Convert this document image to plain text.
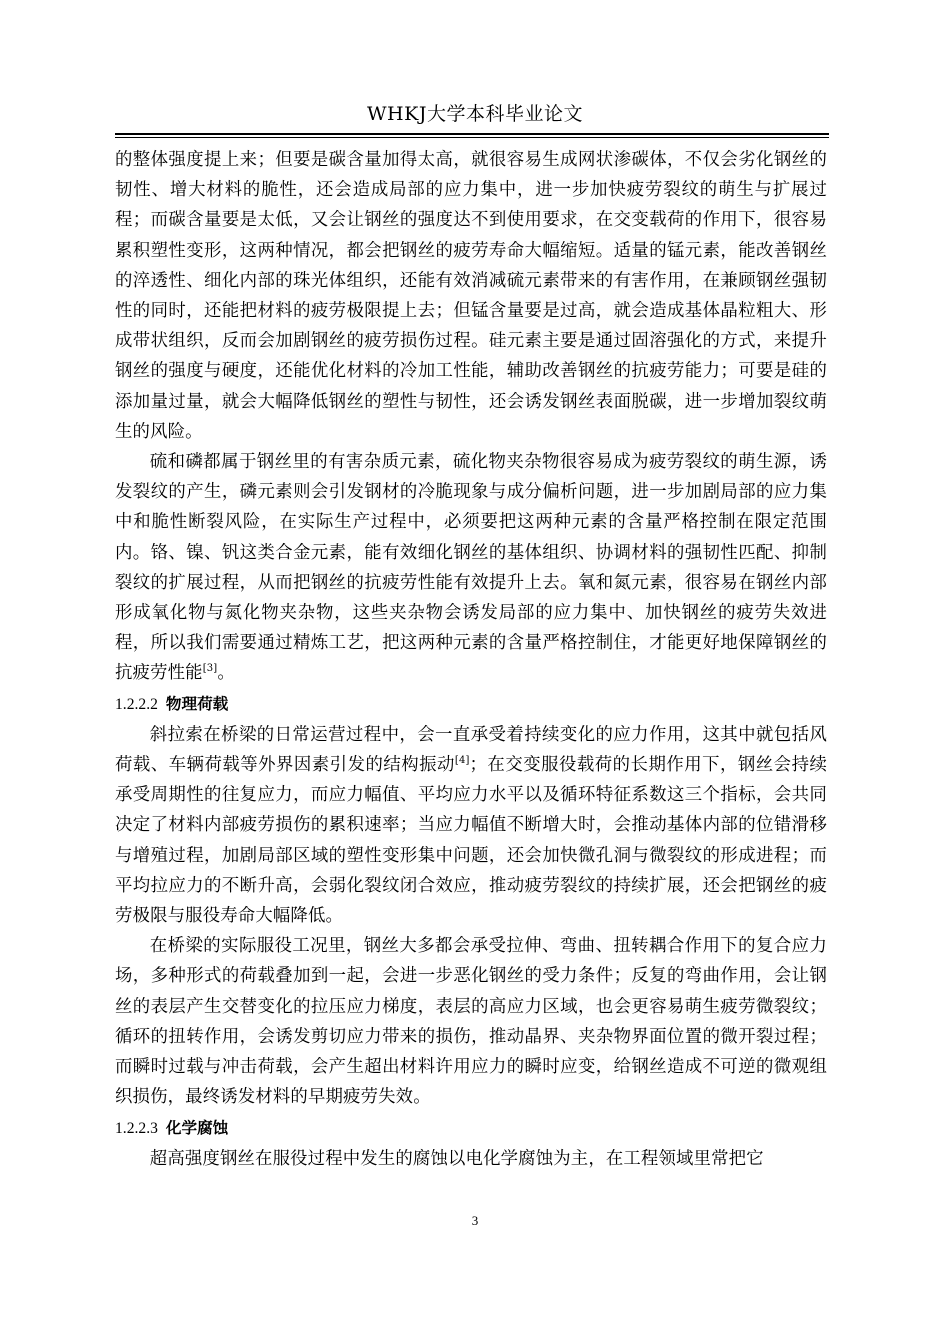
WHKJ大学本科毕业论文

的整体强度提上来；但要是碳含量加得太高，就很容易生成网状渗碳体，不仅会劣化钢丝的韧性、增大材料的脆性，还会造成局部的应力集中，进一步加快疲劳裂纹的萌生与扩展过程；而碳含量要是太低，又会让钢丝的强度达不到使用要求，在交变载荷的作用下，很容易累积塑性变形，这两种情况，都会把钢丝的疲劳寿命大幅缩短。适量的锰元素，能改善钢丝的淬透性、细化内部的珠光体组织，还能有效消减硫元素带来的有害作用，在兼顾钢丝强韧性的同时，还能把材料的疲劳极限提上去；但锰含量要是过高，就会造成基体晶粒粗大、形成带状组织，反而会加剧钢丝的疲劳损伤过程。硅元素主要是通过固溶强化的方式，来提升钢丝的强度与硬度，还能优化材料的冷加工性能，辅助改善钢丝的抗疲劳能力；可要是硅的添加量过量，就会大幅降低钢丝的塑性与韧性，还会诱发钢丝表面脱碳，进一步增加裂纹萌生的风险。

硫和磷都属于钢丝里的有害杂质元素，硫化物夹杂物很容易成为疲劳裂纹的萌生源，诱发裂纹的产生，磷元素则会引发钢材的冷脆现象与成分偏析问题，进一步加剧局部的应力集中和脆性断裂风险，在实际生产过程中，必须要把这两种元素的含量严格控制在限定范围内。铬、镍、钒这类合金元素，能有效细化钢丝的基体组织、协调材料的强韧性匹配、抑制裂纹的扩展过程，从而把钢丝的抗疲劳性能有效提升上去。氧和氮元素，很容易在钢丝内部形成氧化物与氮化物夹杂物，这些夹杂物会诱发局部的应力集中、加快钢丝的疲劳失效进程，所以我们需要通过精炼工艺，把这两种元素的含量严格控制住，才能更好地保障钢丝的抗疲劳性能[3]。

1.2.2.2 物理荷载

斜拉索在桥梁的日常运营过程中，会一直承受着持续变化的应力作用，这其中就包括风荷载、车辆荷载等外界因素引发的结构振动[4]；在交变服役载荷的长期作用下，钢丝会持续承受周期性的往复应力，而应力幅值、平均应力水平以及循环特征系数这三个指标，会共同决定了材料内部疲劳损伤的累积速率；当应力幅值不断增大时，会推动基体内部的位错滑移与增殖过程，加剧局部区域的塑性变形集中问题，还会加快微孔洞与微裂纹的形成进程；而平均拉应力的不断升高，会弱化裂纹闭合效应，推动疲劳裂纹的持续扩展，还会把钢丝的疲劳极限与服役寿命大幅降低。

在桥梁的实际服役工况里，钢丝大多都会承受拉伸、弯曲、扭转耦合作用下的复合应力场，多种形式的荷载叠加到一起，会进一步恶化钢丝的受力条件；反复的弯曲作用，会让钢丝的表层产生交替变化的拉压应力梯度，表层的高应力区域，也会更容易萌生疲劳微裂纹；循环的扭转作用，会诱发剪切应力带来的损伤，推动晶界、夹杂物界面位置的微开裂过程；而瞬时过载与冲击荷载，会产生超出材料许用应力的瞬时应变，给钢丝造成不可逆的微观组织损伤，最终诱发材料的早期疲劳失效。

1.2.2.3 化学腐蚀

超高强度钢丝在服役过程中发生的腐蚀以电化学腐蚀为主，在工程领域里常把它

3
